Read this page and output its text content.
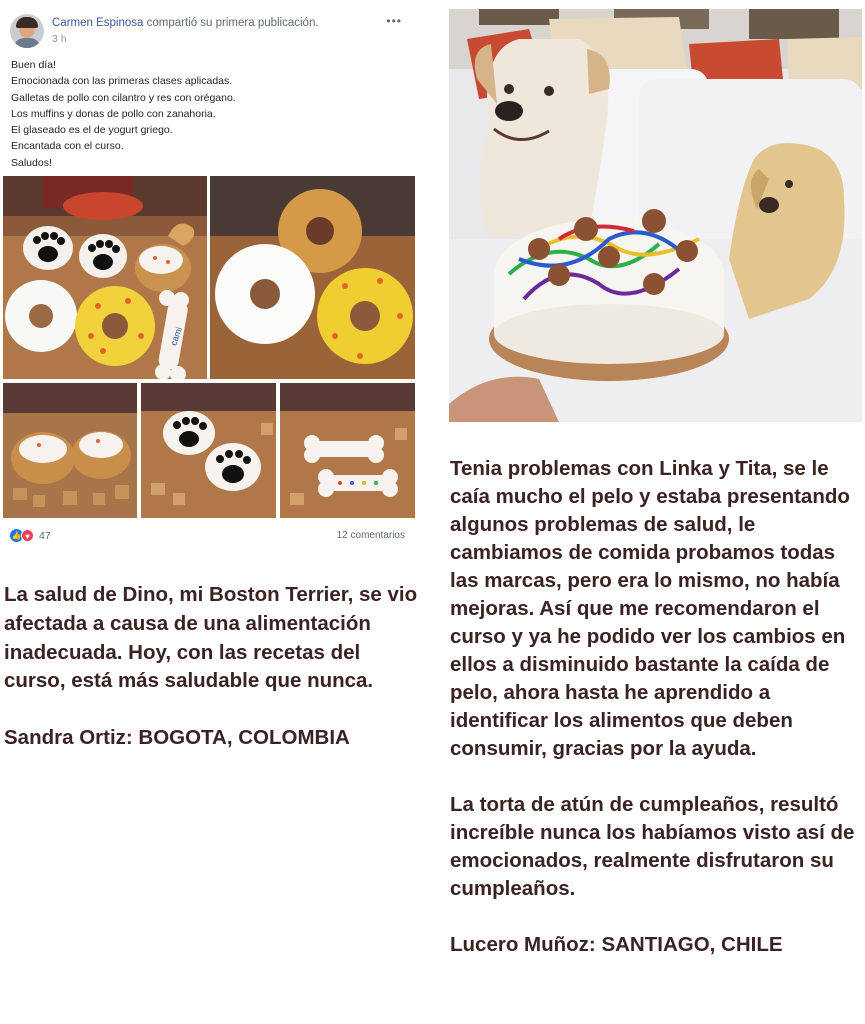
Carmen Espinosa compartió su primera publicación.
3 h
•••
Buen día!
Emocionada con las primeras clases aplicadas.
Galletas de pollo con cilantro y res con orégano.
Los muffins y donas de pollo con zanahoria.
El glaseado es el de yogurt griego.
Encantada con el curso.
Saludos!
cami
👍 ♥ 47	12 comentarios

La salud de Dino, mi Boston Terrier, se vio afectada a causa de una alimentación inadecuada. Hoy, con las recetas del curso, está más saludable que nunca.

Sandra Ortiz: BOGOTA, COLOMBIA

Tenia problemas con Linka y Tita, se le caía mucho el pelo y estaba presentando algunos problemas de salud, le cambiamos de comida probamos todas las marcas, pero era lo mismo, no había mejoras. Así que me recomendaron el curso y ya he podido ver los cambios en ellos a disminuido bastante la caída de pelo, ahora hasta he aprendido a identificar los alimentos que deben consumir, gracias por la ayuda.

La torta de atún de cumpleaños, resultó increíble nunca los habíamos visto así de emocionados, realmente disfrutaron su cumpleaños.

Lucero Muñoz: SANTIAGO, CHILE
